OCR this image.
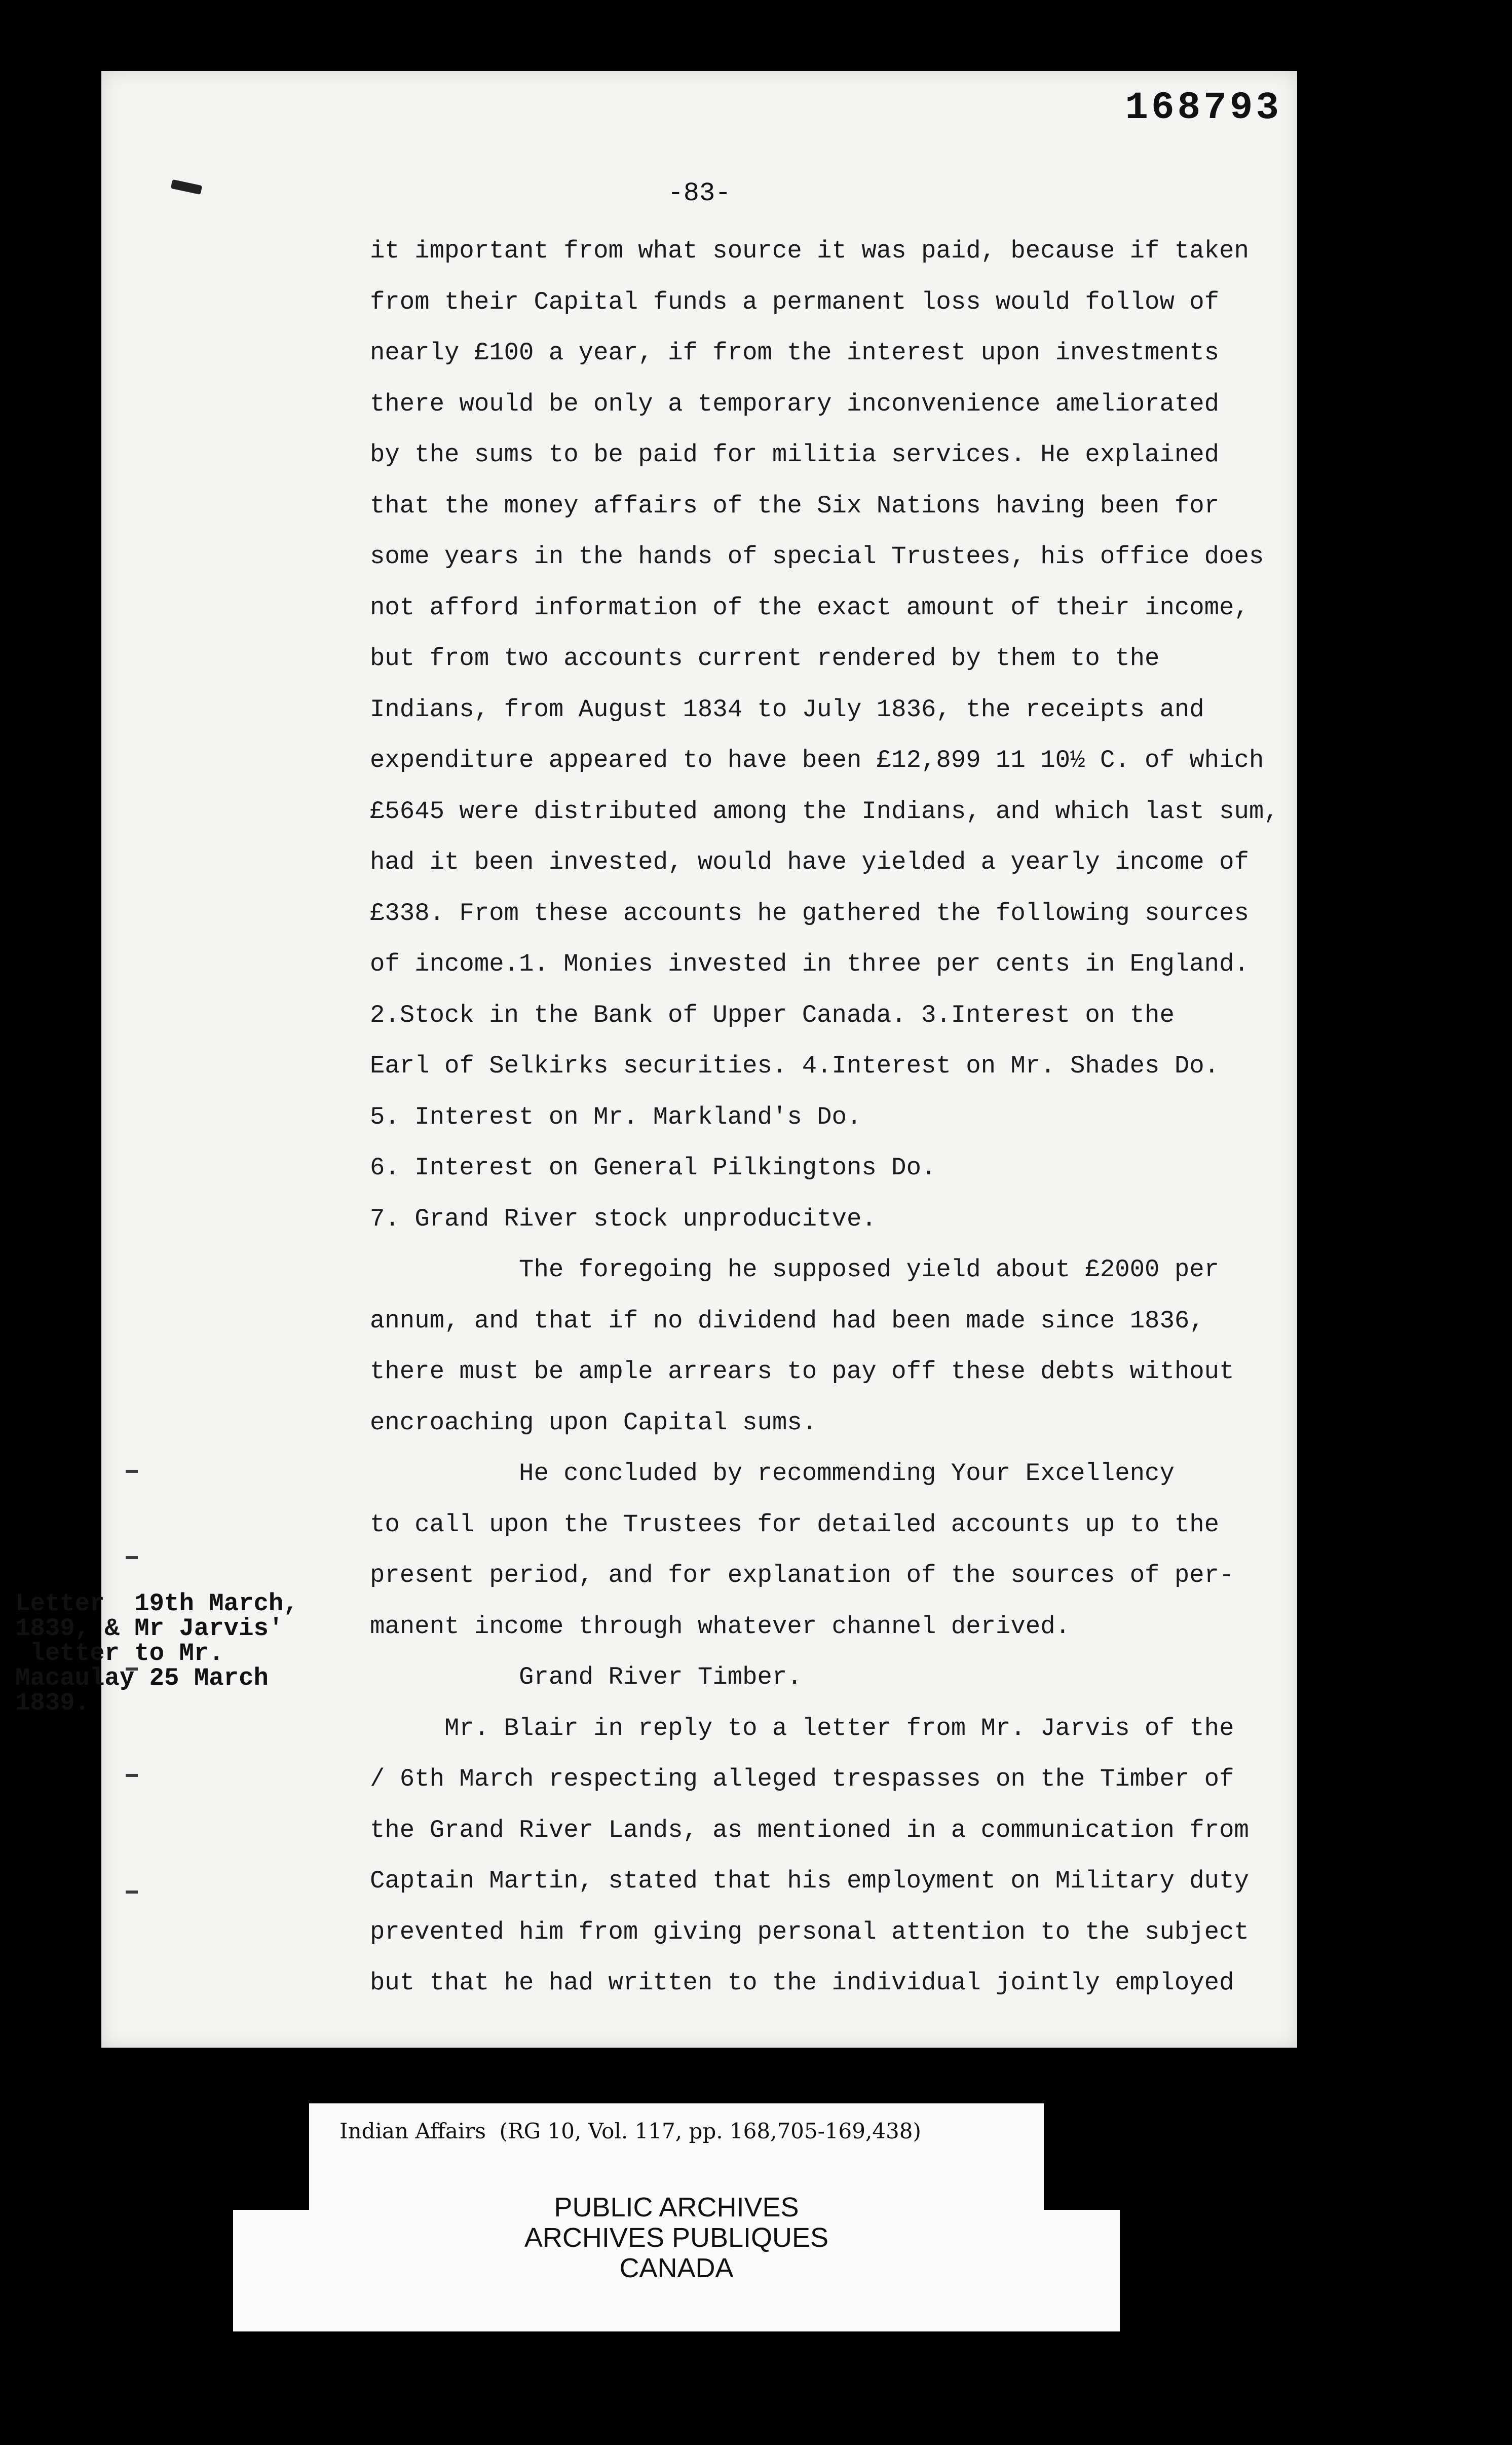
168793
-83-
it important from what source it was paid, because if taken
from their Capital funds a permanent loss would follow of
nearly £100 a year, if from the interest upon investments
there would be only a temporary inconvenience ameliorated
by the sums to be paid for militia services. He explained
that the money affairs of the Six Nations having been for
some years in the hands of special Trustees, his office does
not afford information of the exact amount of their income,
but from two accounts current rendered by them to the
Indians, from August 1834 to July 1836, the receipts and
expenditure appeared to have been £12,899 11 10½ C. of which
£5645 were distributed among the Indians, and which last sum,
had it been invested, would have yielded a yearly income of
£338. From these accounts he gathered the following sources
of income.1. Monies invested in three per cents in England.
2.Stock in the Bank of Upper Canada. 3.Interest on the
Earl of Selkirks securities. 4.Interest on Mr. Shades Do.
5. Interest on Mr. Markland's Do.
6. Interest on General Pilkingtons Do.
7. Grand River stock unproducitve.
The foregoing he supposed yield about £2000 per
annum, and that if no dividend had been made since 1836,
there must be ample arrears to pay off these debts without
encroaching upon Capital sums.
He concluded by recommending Your Excellency
to call upon the Trustees for detailed accounts up to the
present period, and for explanation of the sources of per-
manent income through whatever channel derived.
Grand River Timber.
Mr. Blair in reply to a letter from Mr. Jarvis of the
/ 6th March respecting alleged trespasses on the Timber of
the Grand River Lands, as mentioned in a communication from
Captain Martin, stated that his employment on Military duty
prevented him from giving personal attention to the subject
but that he had written to the individual jointly employed
Letter  19th March,
1839, & Mr Jarvis'
letter to Mr.
Macaulay 25 March
1839.
Indian Affairs  (RG 10, Vol. 117, pp. 168,705-169,438)
PUBLIC ARCHIVES
ARCHIVES PUBLIQUES
CANADA
